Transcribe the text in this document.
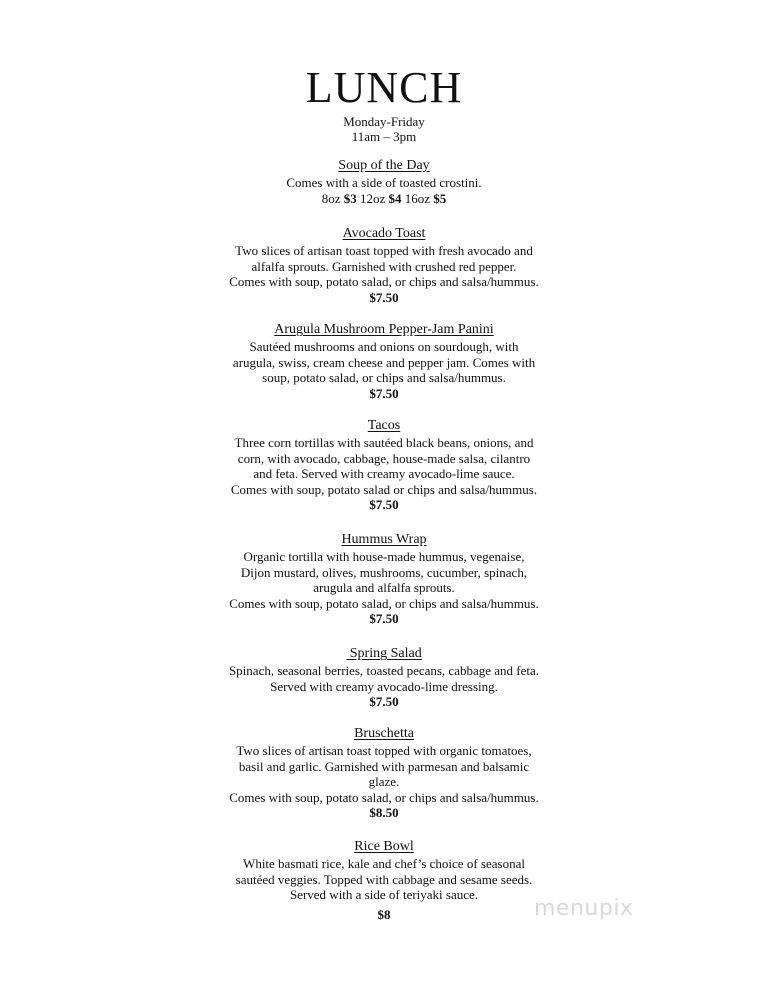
LUNCH
Monday-Friday
11am – 3pm
Soup of the Day
Comes with a side of toasted crostini.
8oz $3 12oz $4 16oz $5
Avocado Toast
Two slices of artisan toast topped with fresh avocado and
alfalfa sprouts. Garnished with crushed red pepper.
Comes with soup, potato salad, or chips and salsa/hummus.
$7.50
Arugula Mushroom Pepper-Jam Panini
Sautéed mushrooms and onions on sourdough, with
arugula, swiss, cream cheese and pepper jam. Comes with
soup, potato salad, or chips and salsa/hummus.
$7.50
Tacos
Three corn tortillas with sautéed black beans, onions, and
corn, with avocado, cabbage, house-made salsa, cilantro
and feta. Served with creamy avocado-lime sauce.
Comes with soup, potato salad or chips and salsa/hummus.
$7.50
Hummus Wrap
Organic tortilla with house-made hummus, vegenaise,
Dijon mustard, olives, mushrooms, cucumber, spinach,
arugula and alfalfa sprouts.
Comes with soup, potato salad, or chips and salsa/hummus.
$7.50
Spring Salad
Spinach, seasonal berries, toasted pecans, cabbage and feta.
Served with creamy avocado-lime dressing.
$7.50
Bruschetta
Two slices of artisan toast topped with organic tomatoes,
basil and garlic. Garnished with parmesan and balsamic
glaze.
Comes with soup, potato salad, or chips and salsa/hummus.
$8.50
Rice Bowl
White basmati rice, kale and chef’s choice of seasonal
sautéed veggies. Topped with cabbage and sesame seeds.
Served with a side of teriyaki sauce.
$8	menupix
